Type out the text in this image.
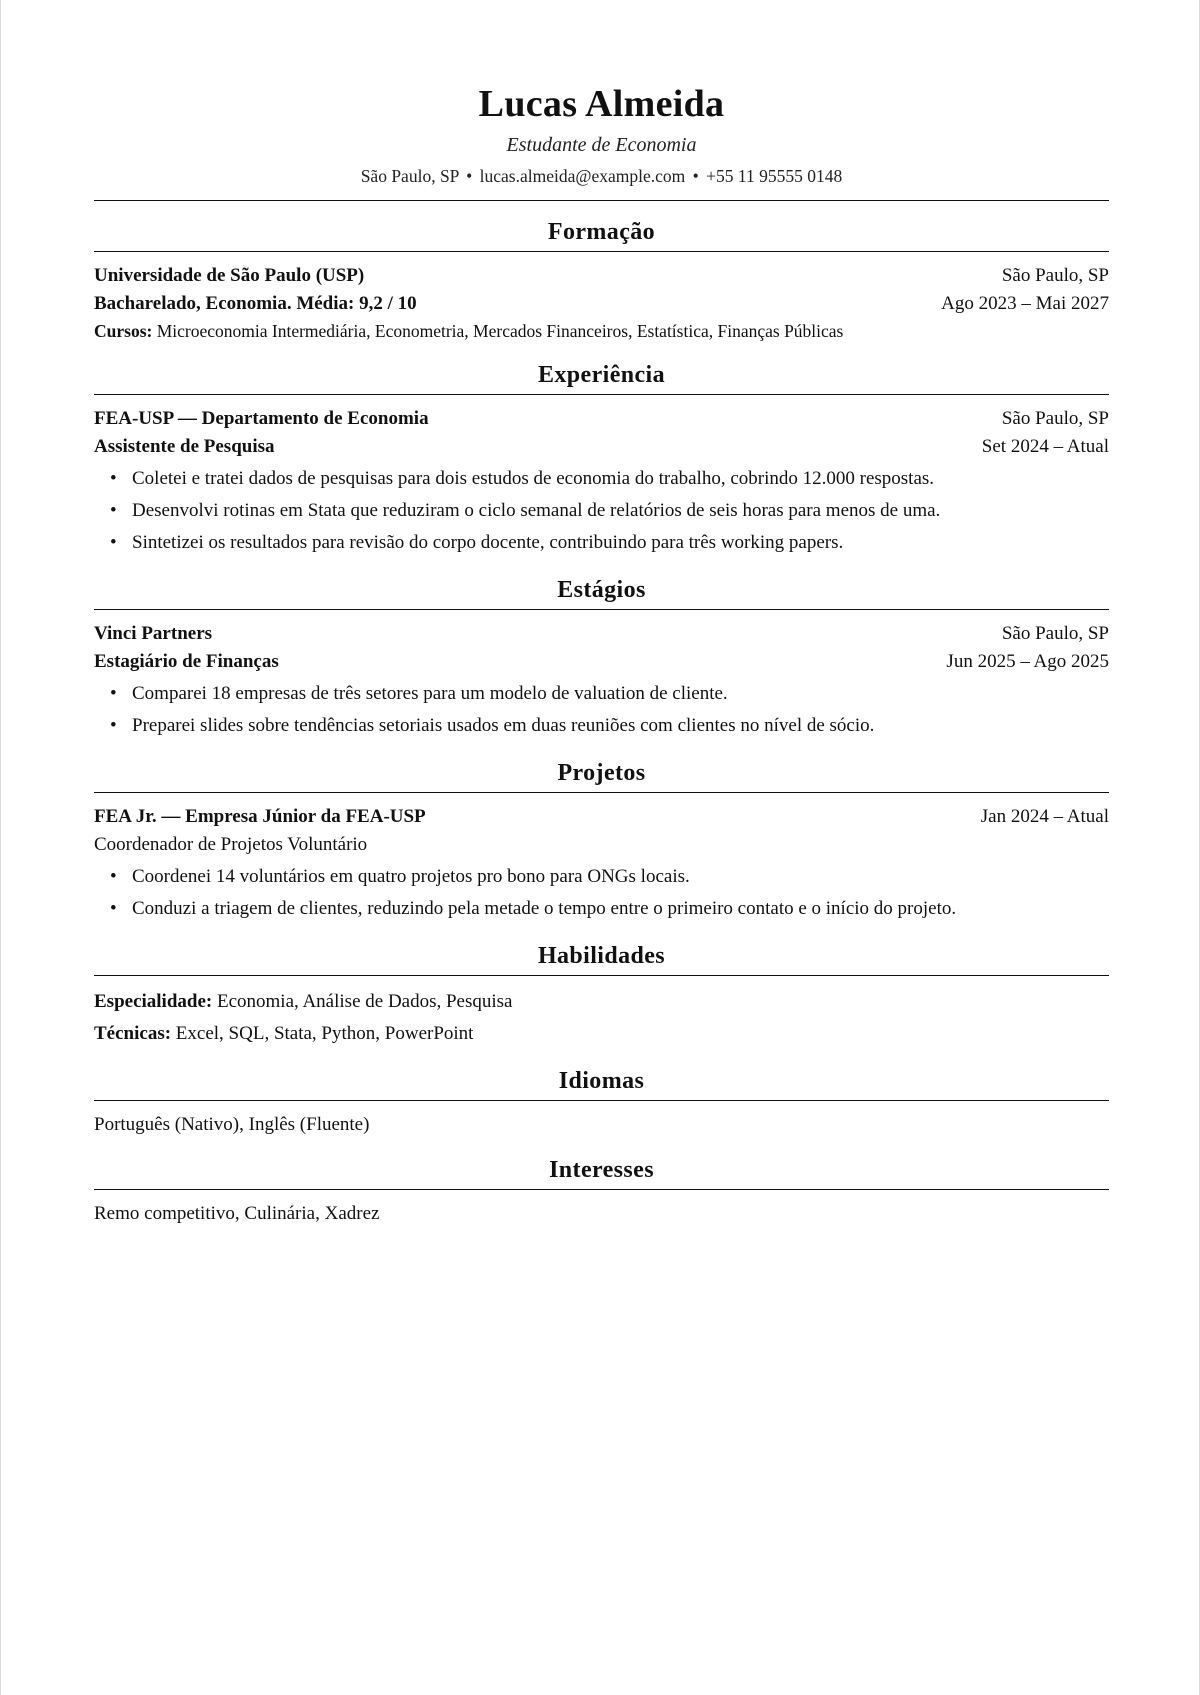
Lucas Almeida
Estudante de Economia
São Paulo, SP • lucas.almeida@example.com • +55 11 95555 0148
Formação
Universidade de São Paulo (USP)	São Paulo, SP
Bacharelado, Economia. Média: 9,2 / 10	Ago 2023 – Mai 2027
Cursos: Microeconomia Intermediária, Econometria, Mercados Financeiros, Estatística, Finanças Públicas
Experiência
FEA-USP — Departamento de Economia	São Paulo, SP
Assistente de Pesquisa	Set 2024 – Atual
• Coletei e tratei dados de pesquisas para dois estudos de economia do trabalho, cobrindo 12.000 respostas.
• Desenvolvi rotinas em Stata que reduziram o ciclo semanal de relatórios de seis horas para menos de uma.
• Sintetizei os resultados para revisão do corpo docente, contribuindo para três working papers.
Estágios
Vinci Partners	São Paulo, SP
Estagiário de Finanças	Jun 2025 – Ago 2025
• Comparei 18 empresas de três setores para um modelo de valuation de cliente.
• Preparei slides sobre tendências setoriais usados em duas reuniões com clientes no nível de sócio.
Projetos
FEA Jr. — Empresa Júnior da FEA-USP	Jan 2024 – Atual
Coordenador de Projetos Voluntário
• Coordenei 14 voluntários em quatro projetos pro bono para ONGs locais.
• Conduzi a triagem de clientes, reduzindo pela metade o tempo entre o primeiro contato e o início do projeto.
Habilidades
Especialidade: Economia, Análise de Dados, Pesquisa
Técnicas: Excel, SQL, Stata, Python, PowerPoint
Idiomas
Português (Nativo), Inglês (Fluente)
Interesses
Remo competitivo, Culinária, Xadrez
